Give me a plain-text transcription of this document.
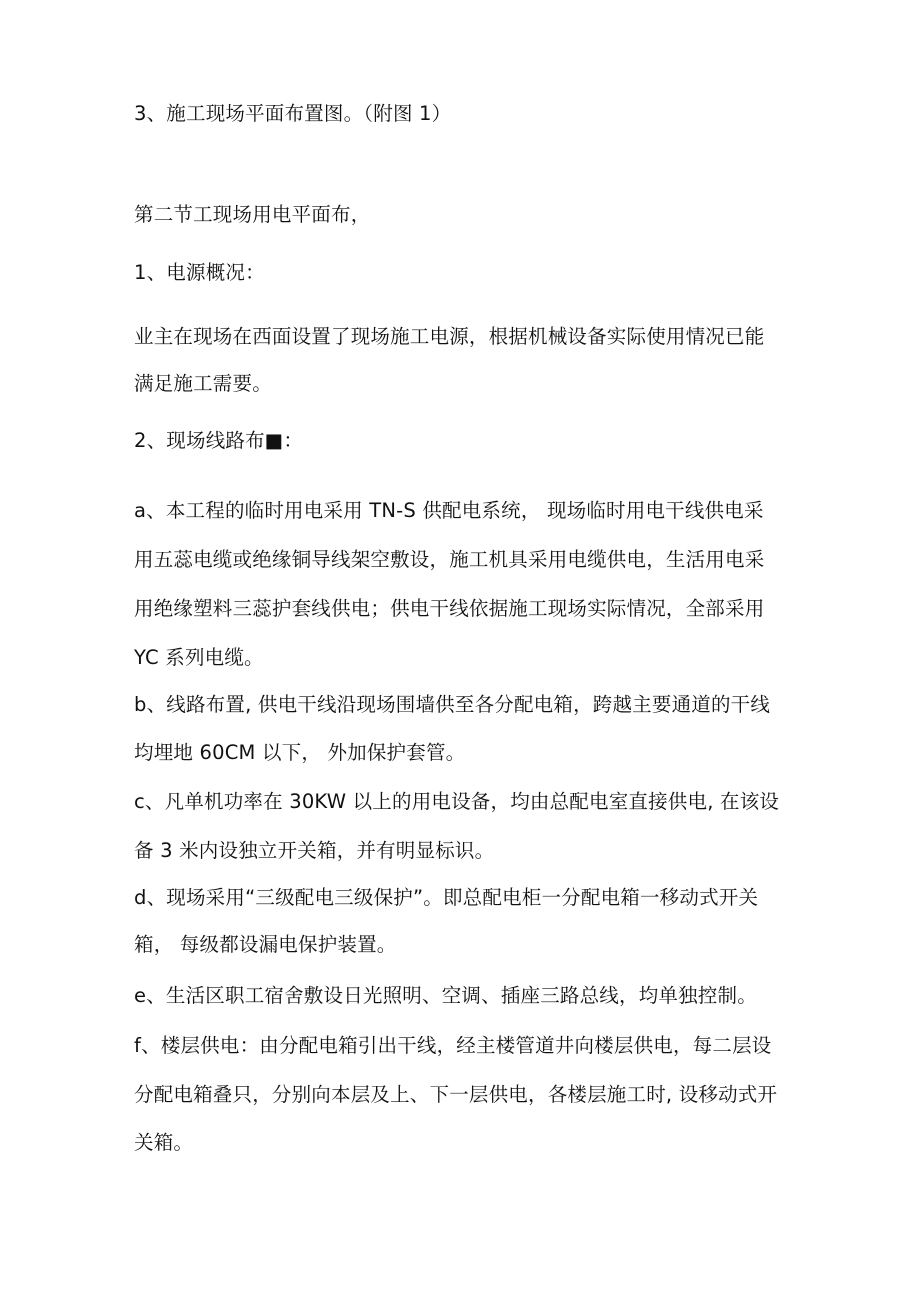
3、施工现场平面布置图。（附图 1）
第二节工现场用电平面布，
1、电源概况：
业主在现场在西面设置了现场施工电源，根据机械设备实际使用情况已能
满足施工需要。
2、现场线路布■：
a、本工程的临时用电采用 TN-S 供配电系统， 现场临时用电干线供电采
用五蕊电缆或绝缘铜导线架空敷设，施工机具采用电缆供电，生活用电采
用绝缘塑料三蕊护套线供电；供电干线依据施工现场实际情况，全部采用
YC 系列电缆。
b、线路布置, 供电干线沿现场围墙供至各分配电箱，跨越主要通道的干线
均埋地 60CM 以下， 外加保护套管。
c、凡单机功率在 30KW 以上的用电设备，均由总配电室直接供电, 在该设
备 3 米内设独立开关箱，并有明显标识。
d、现场采用“三级配电三级保护”。即总配电柜一分配电箱一移动式开关
箱， 每级都设漏电保护装置。
e、生活区职工宿舍敷设日光照明、空调、插座三路总线，均单独控制。
f、楼层供电：由分配电箱引出干线，经主楼管道井向楼层供电，每二层设
分配电箱叠只，分别向本层及上、下一层供电，各楼层施工时, 设移动式开
关箱。
